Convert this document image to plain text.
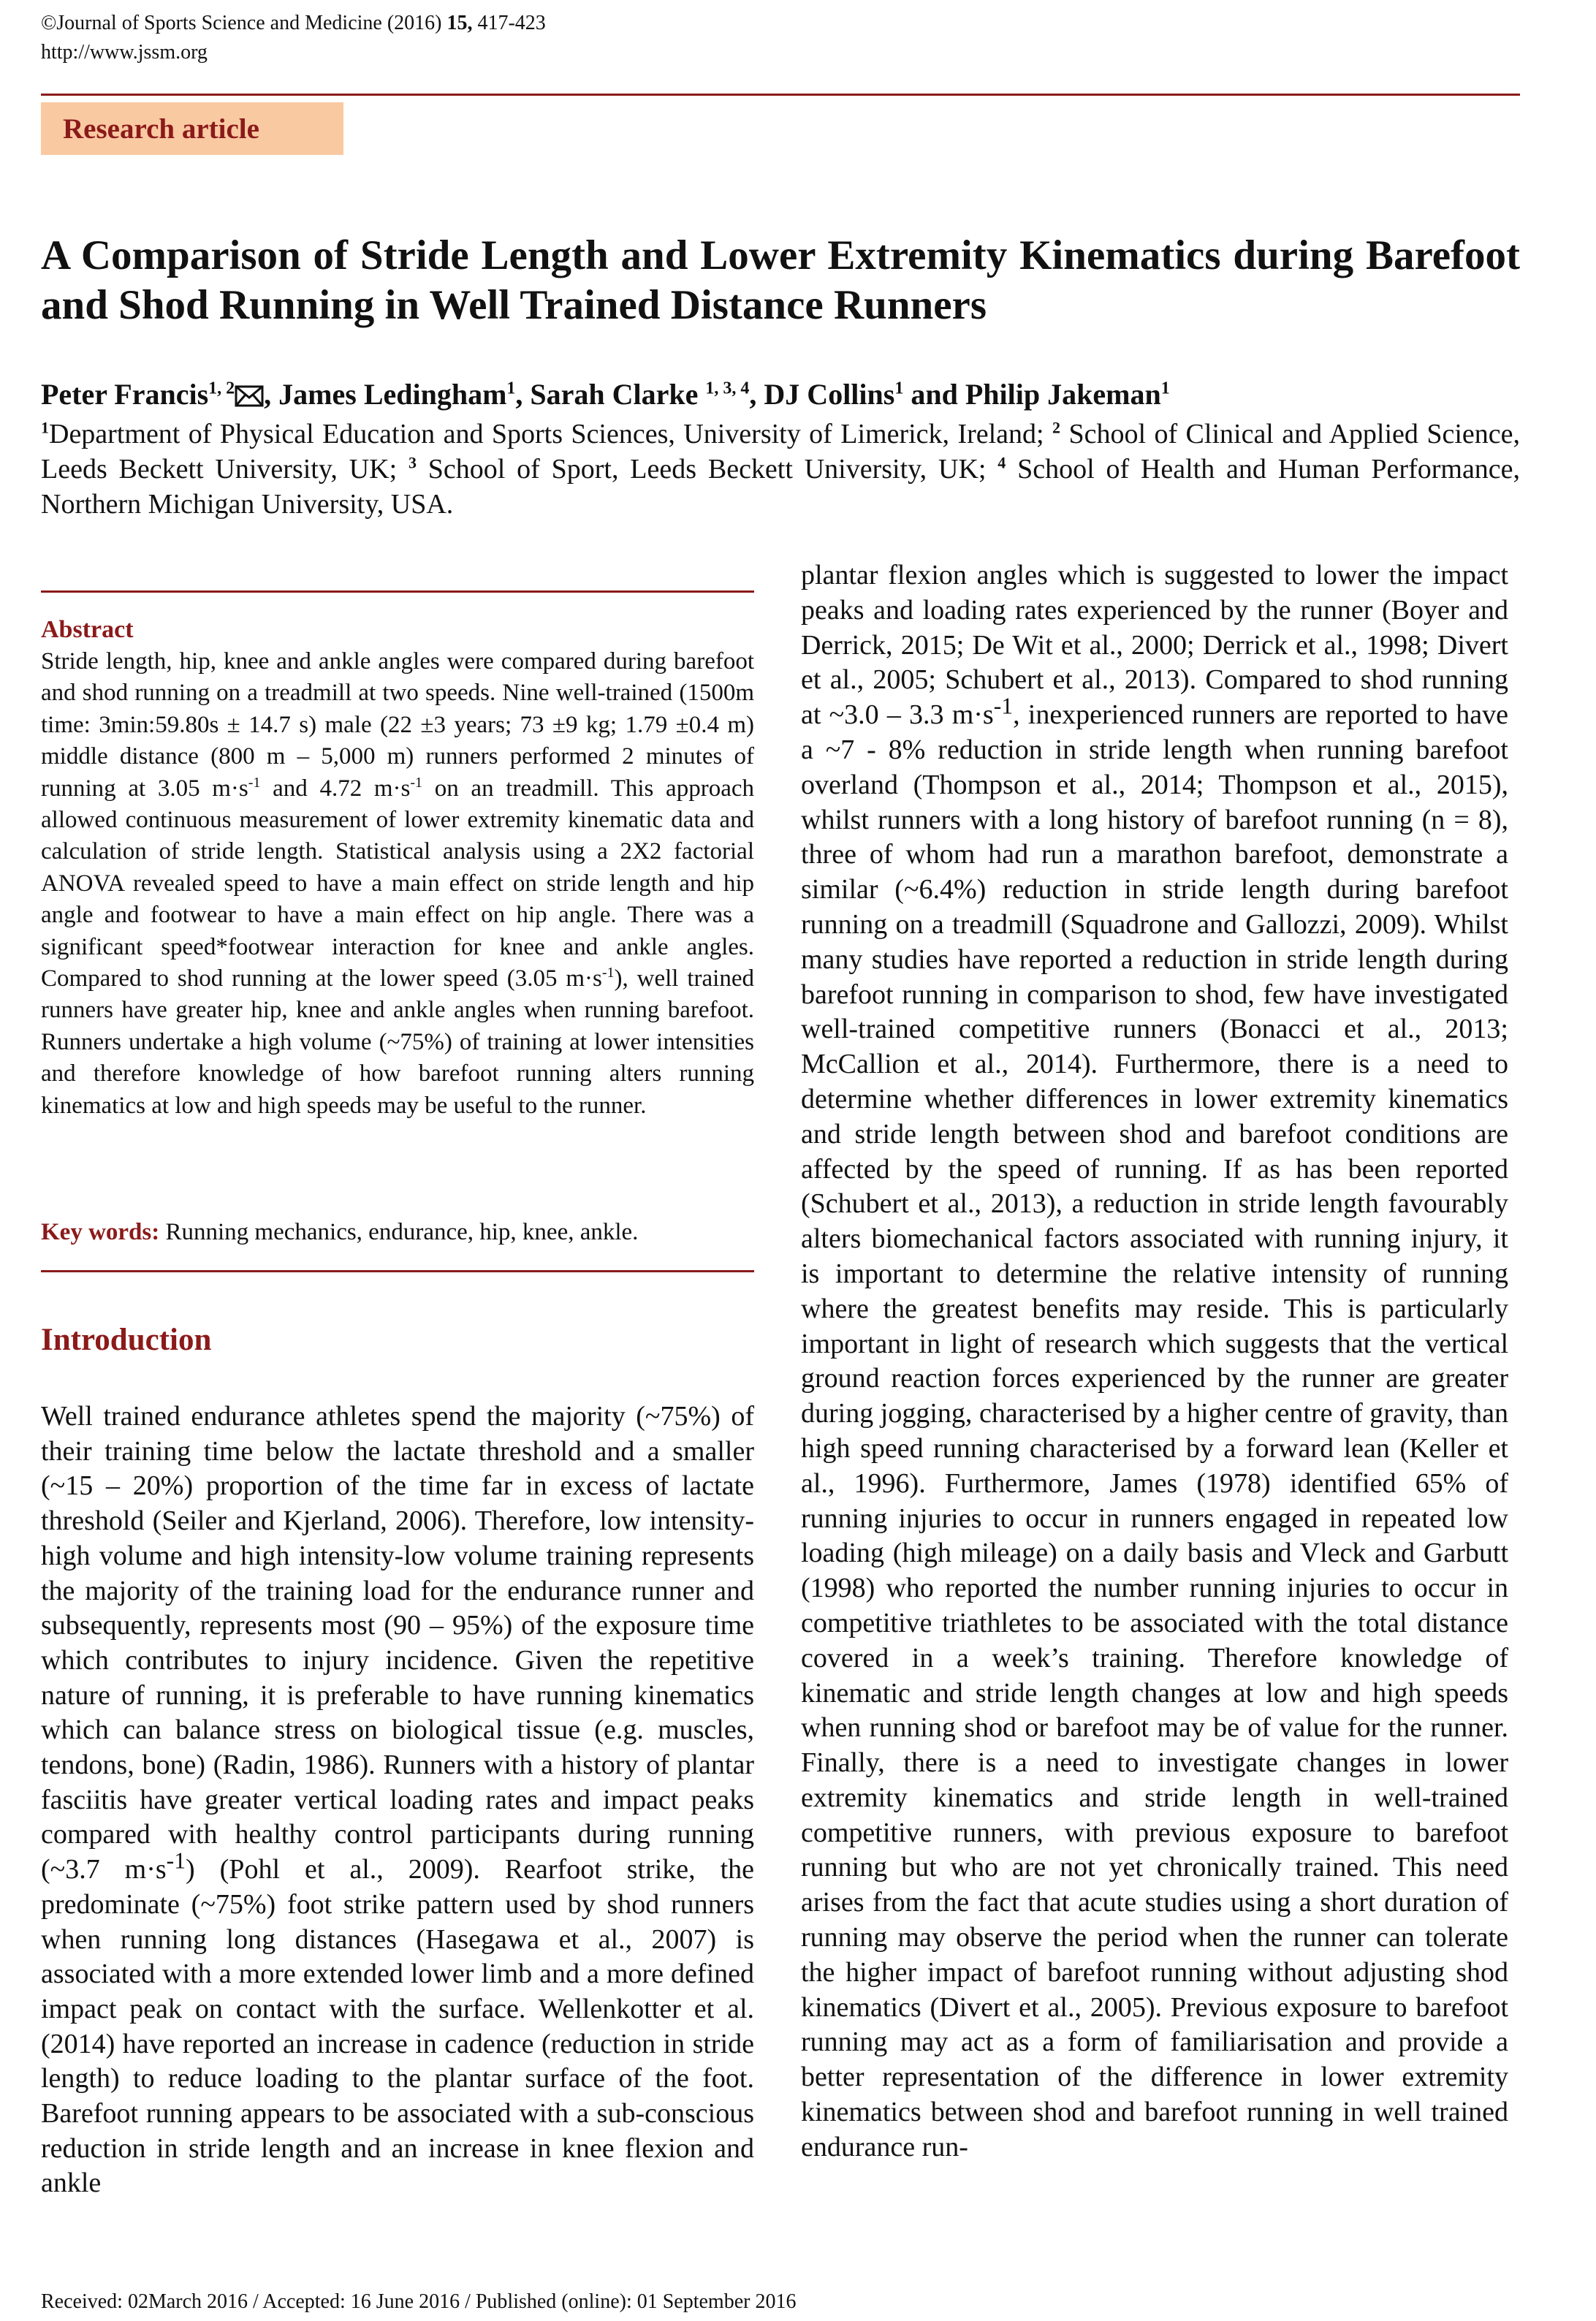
©Journal of Sports Science and Medicine (2016) 15, 417-423
http://www.jssm.org
Research article
A Comparison of Stride Length and Lower Extremity Kinematics during Barefoot and Shod Running in Well Trained Distance Runners
Peter Francis$^{1, 2}$ , James Ledingham$^1$, Sarah Clarke $^{1, 3, 4}$, DJ Collins$^1$ and Philip Jakeman$^1$
$^1$Department of Physical Education and Sports Sciences, University of Limerick, Ireland; $^2$ School of Clinical and Applied Science, Leeds Beckett University, UK; $^3$ School of Sport, Leeds Beckett University, UK; $^4$ School of Health and Human Performance, Northern Michigan University, USA.
Abstract

Stride length, hip, knee and ankle angles were compared during barefoot and shod running on a treadmill at two speeds. Nine well-trained (1500m time: 3min:59.80s ± 14.7 s) male (22 ±3 years; 73 ±9 kg; 1.79 ±0.4 m) middle distance (800 m – 5,000 m) runners performed 2 minutes of running at 3.05 $m\cdot s^{-1}$ and 4.72 $m\cdot s^{-1}$ on an treadmill. This approach allowed continuous measurement of lower extremity kinematic data and calculation of stride length. Statistical analysis using a 2X2 factorial ANOVA revealed speed to have a main effect on stride length and hip angle and footwear to have a main effect on hip angle. There was a significant speed*footwear interaction for knee and ankle angles. Compared to shod running at the lower speed (3.05 $m\cdot s^{-1}$), well trained runners have greater hip, knee and ankle angles when running barefoot. Runners undertake a high volume (~75%) of training at lower intensities and therefore knowledge of how barefoot running alters running kinematics at low and high speeds may be useful to the runner.

Key words: Running mechanics, endurance, hip, knee, ankle.

Introduction

Well trained endurance athletes spend the majority (~75%) of their training time below the lactate threshold and a smaller (~15 – 20%) proportion of the time far in excess of lactate threshold (Seiler and Kjerland, 2006). Therefore, low intensity-high volume and high intensity-low volume training represents the majority of the training load for the endurance runner and subsequently, represents most (90 – 95%) of the exposure time which contributes to injury incidence. Given the repetitive nature of running, it is preferable to have running kinematics which can balance stress on biological tissue (e.g. muscles, tendons, bone) (Radin, 1986). Runners with a history of plantar fasciitis have greater vertical loading rates and impact peaks compared with healthy control participants during running (~3.7 $m\cdot s^{-1}$) (Pohl et al., 2009). Rearfoot strike, the predominate (~75%) foot strike pattern used by shod runners when running long distances (Hasegawa et al., 2007) is associated with a more extended lower limb and a more defined impact peak on contact with the surface. Wellenkotter et al. (2014) have reported an increase in cadence (reduction in stride length) to reduce loading to the plantar surface of the foot. Barefoot running appears to be associated with a sub-conscious reduction in stride length and an increase in knee flexion and ankle

plantar flexion angles which is suggested to lower the impact peaks and loading rates experienced by the runner (Boyer and Derrick, 2015; De Wit et al., 2000; Derrick et al., 1998; Divert et al., 2005; Schubert et al., 2013). Compared to shod running at ~3.0 – 3.3 $m\cdot s^{-1}$, inexperienced runners are reported to have a ~7 - 8% reduction in stride length when running barefoot overland (Thompson et al., 2014; Thompson et al., 2015), whilst runners with a long history of barefoot running (n = 8), three of whom had run a marathon barefoot, demonstrate a similar (~6.4%) reduction in stride length during barefoot running on a treadmill (Squadrone and Gallozzi, 2009). Whilst many studies have reported a reduction in stride length during barefoot running in comparison to shod, few have investigated well-trained competitive runners (Bonacci et al., 2013; McCallion et al., 2014). Furthermore, there is a need to determine whether differences in lower extremity kinematics and stride length between shod and barefoot conditions are affected by the speed of running. If as has been reported (Schubert et al., 2013), a reduction in stride length favourably alters biomechanical factors associated with running injury, it is important to determine the relative intensity of running where the greatest benefits may reside. This is particularly important in light of research which suggests that the vertical ground reaction forces experienced by the runner are greater during jogging, characterised by a higher centre of gravity, than high speed running characterised by a forward lean (Keller et al., 1996). Furthermore, James (1978) identified 65% of running injuries to occur in runners engaged in repeated low loading (high mileage) on a daily basis and Vleck and Garbutt (1998) who reported the number running injuries to occur in competitive triathletes to be associated with the total distance covered in a week’s training. Therefore knowledge of kinematic and stride length changes at low and high speeds when running shod or barefoot may be of value for the runner. Finally, there is a need to investigate changes in lower extremity kinematics and stride length in well-trained competitive runners, with previous exposure to barefoot running but who are not yet chronically trained. This need arises from the fact that acute studies using a short duration of running may observe the period when the runner can tolerate the higher impact of barefoot running without adjusting shod kinematics (Divert et al., 2005). Previous exposure to barefoot running may act as a form of familiarisation and provide a better representation of the difference in lower extremity kinematics between shod and barefoot running in well trained endurance run-

Received: 02March 2016 / Accepted: 16 June 2016 / Published (online): 01 September 2016
